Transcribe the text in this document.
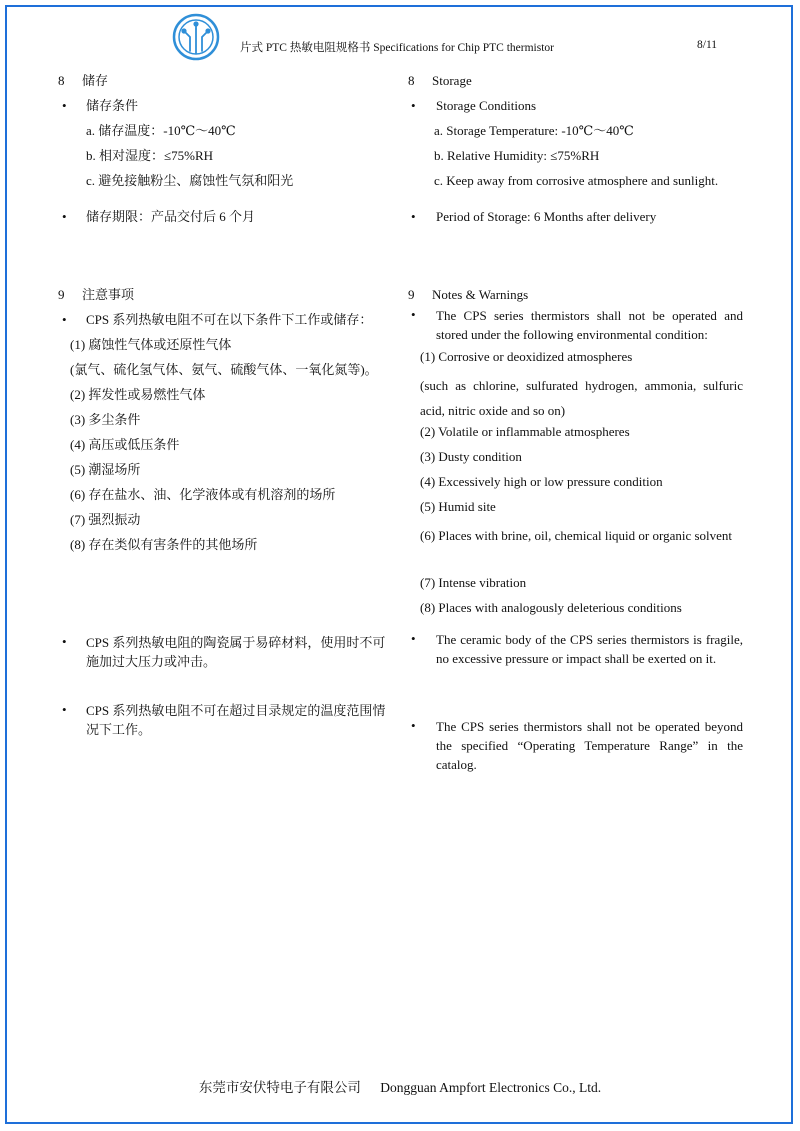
片式 PTC 热敏电阻规格书 Specifications for Chip PTC thermistor	8/11
8 储存
• 储存条件
a. 储存温度：-10℃～40℃
b. 相对湿度：≤75%RH
c. 避免接触粉尘、腐蚀性气氛和阳光
• 储存期限：产品交付后 6 个月
9 注意事项
• CPS 系列热敏电阻不可在以下条件下工作或储存：
(1) 腐蚀性气体或还原性气体
(氯气、硫化氢气体、氨气、硫酸气体、一氧化氮等)。
(2) 挥发性或易燃性气体
(3) 多尘条件
(4) 高压或低压条件
(5) 潮湿场所
(6) 存在盐水、油、化学液体或有机溶剂的场所
(7) 强烈振动
(8) 存在类似有害条件的其他场所
• CPS 系列热敏电阻的陶瓷属于易碎材料，使用时不可施加过大压力或冲击。
• CPS 系列热敏电阻不可在超过目录规定的温度范围情况下工作。
8 Storage
• Storage Conditions
a. Storage Temperature: -10℃～40℃
b. Relative Humidity: ≤75%RH
c. Keep away from corrosive atmosphere and sunlight.
• Period of Storage: 6 Months after delivery
9 Notes & Warnings
• The CPS series thermistors shall not be operated and stored under the following environmental condition:
(1) Corrosive or deoxidized atmospheres
(such as chlorine, sulfurated hydrogen, ammonia, sulfuric acid, nitric oxide and so on)
(2) Volatile or inflammable atmospheres
(3) Dusty condition
(4) Excessively high or low pressure condition
(5) Humid site
(6) Places with brine, oil, chemical liquid or organic solvent
(7) Intense vibration
(8) Places with analogously deleterious conditions
• The ceramic body of the CPS series thermistors is fragile, no excessive pressure or impact shall be exerted on it.
• The CPS series thermistors shall not be operated beyond the specified “Operating Temperature Range” in the catalog.
东莞市安伏特电子有限公司 Dongguan Ampfort Electronics Co., Ltd.
